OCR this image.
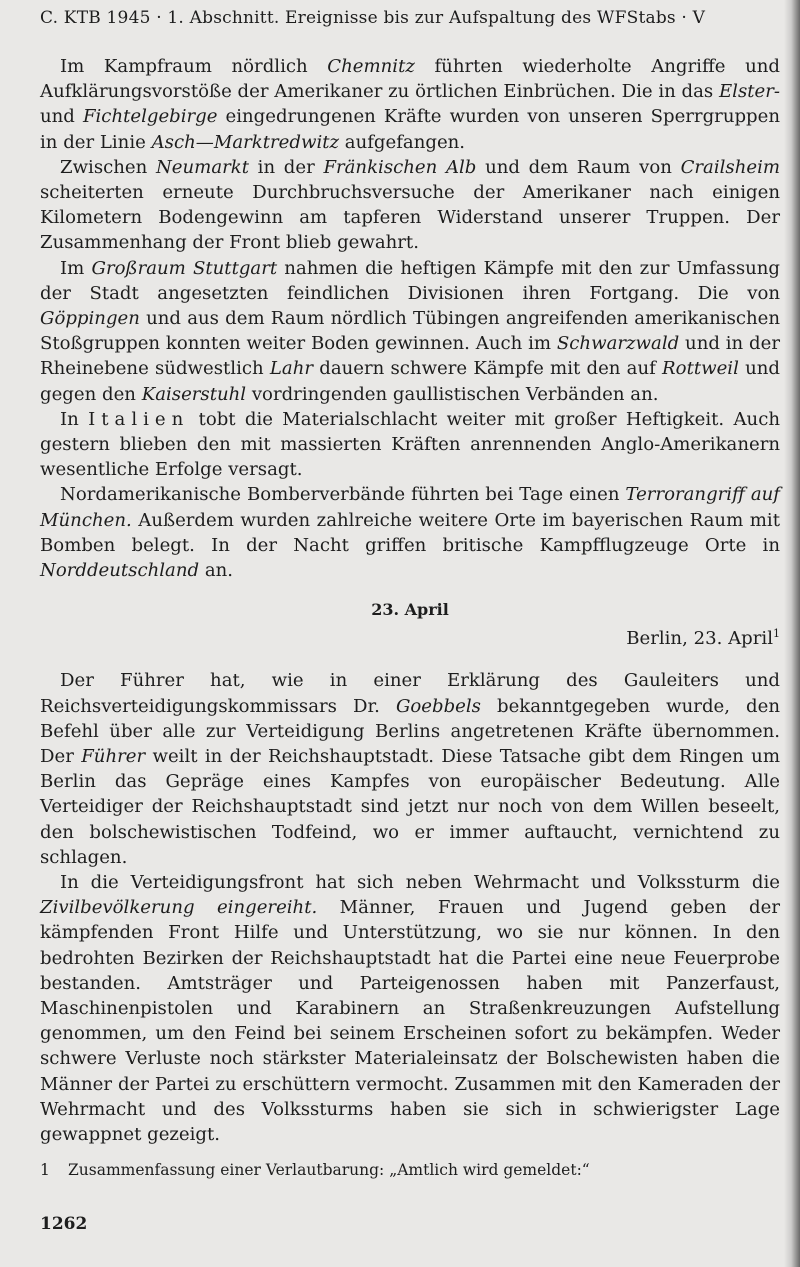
C. KTB 1945 · 1. Abschnitt. Ereignisse bis zur Aufspaltung des WFStabs · V

Im Kampfraum nördlich Chemnitz führten wiederholte Angriffe und Aufklärungsvorstöße der Amerikaner zu örtlichen Einbrüchen. Die in das Elster- und Fichtelgebirge eingedrungenen Kräfte wurden von unseren Sperrgruppen in der Linie Asch—Marktredwitz aufgefangen.

Zwischen Neumarkt in der Fränkischen Alb und dem Raum von Crailsheim scheiterten erneute Durchbruchsversuche der Amerikaner nach einigen Kilometern Bodengewinn am tapferen Widerstand unserer Truppen. Der Zusammenhang der Front blieb gewahrt.

Im Großraum Stuttgart nahmen die heftigen Kämpfe mit den zur Umfassung der Stadt angesetzten feindlichen Divisionen ihren Fortgang. Die von Göppingen und aus dem Raum nördlich Tübingen angreifenden amerikanischen Stoßgruppen konnten weiter Boden gewinnen. Auch im Schwarzwald und in der Rheinebene südwestlich Lahr dauern schwere Kämpfe mit den auf Rottweil und gegen den Kaiserstuhl vordringenden gaullistischen Verbänden an.

In Italien tobt die Materialschlacht weiter mit großer Heftigkeit. Auch gestern blieben den mit massierten Kräften anrennenden Anglo-Amerikanern wesentliche Erfolge versagt.

Nordamerikanische Bomberverbände führten bei Tage einen Terrorangriff auf München. Außerdem wurden zahlreiche weitere Orte im bayerischen Raum mit Bomben belegt. In der Nacht griffen britische Kampfflugzeuge Orte in Norddeutschland an.

23. April
Berlin, 23. April$^1$

Der Führer hat, wie in einer Erklärung des Gauleiters und Reichsverteidigungskommissars Dr. Goebbels bekanntgegeben wurde, den Befehl über alle zur Verteidigung Berlins angetretenen Kräfte übernommen. Der Führer weilt in der Reichshauptstadt. Diese Tatsache gibt dem Ringen um Berlin das Gepräge eines Kampfes von europäischer Bedeutung. Alle Verteidiger der Reichshauptstadt sind jetzt nur noch von dem Willen beseelt, den bolschewistischen Todfeind, wo er immer auftaucht, vernichtend zu schlagen.

In die Verteidigungsfront hat sich neben Wehrmacht und Volkssturm die Zivilbevölkerung eingereiht. Männer, Frauen und Jugend geben der kämpfenden Front Hilfe und Unterstützung, wo sie nur können. In den bedrohten Bezirken der Reichshauptstadt hat die Partei eine neue Feuerprobe bestanden. Amtsträger und Parteigenossen haben mit Panzerfaust, Maschinenpistolen und Karabinern an Straßenkreuzungen Aufstellung genommen, um den Feind bei seinem Erscheinen sofort zu bekämpfen. Weder schwere Verluste noch stärkster Materialeinsatz der Bolschewisten haben die Männer der Partei zu erschüttern vermocht. Zusammen mit den Kameraden der Wehrmacht und des Volkssturms haben sie sich in schwierigster Lage gewappnet gezeigt.

1 Zusammenfassung einer Verlautbarung: „Amtlich wird gemeldet:“
1262
